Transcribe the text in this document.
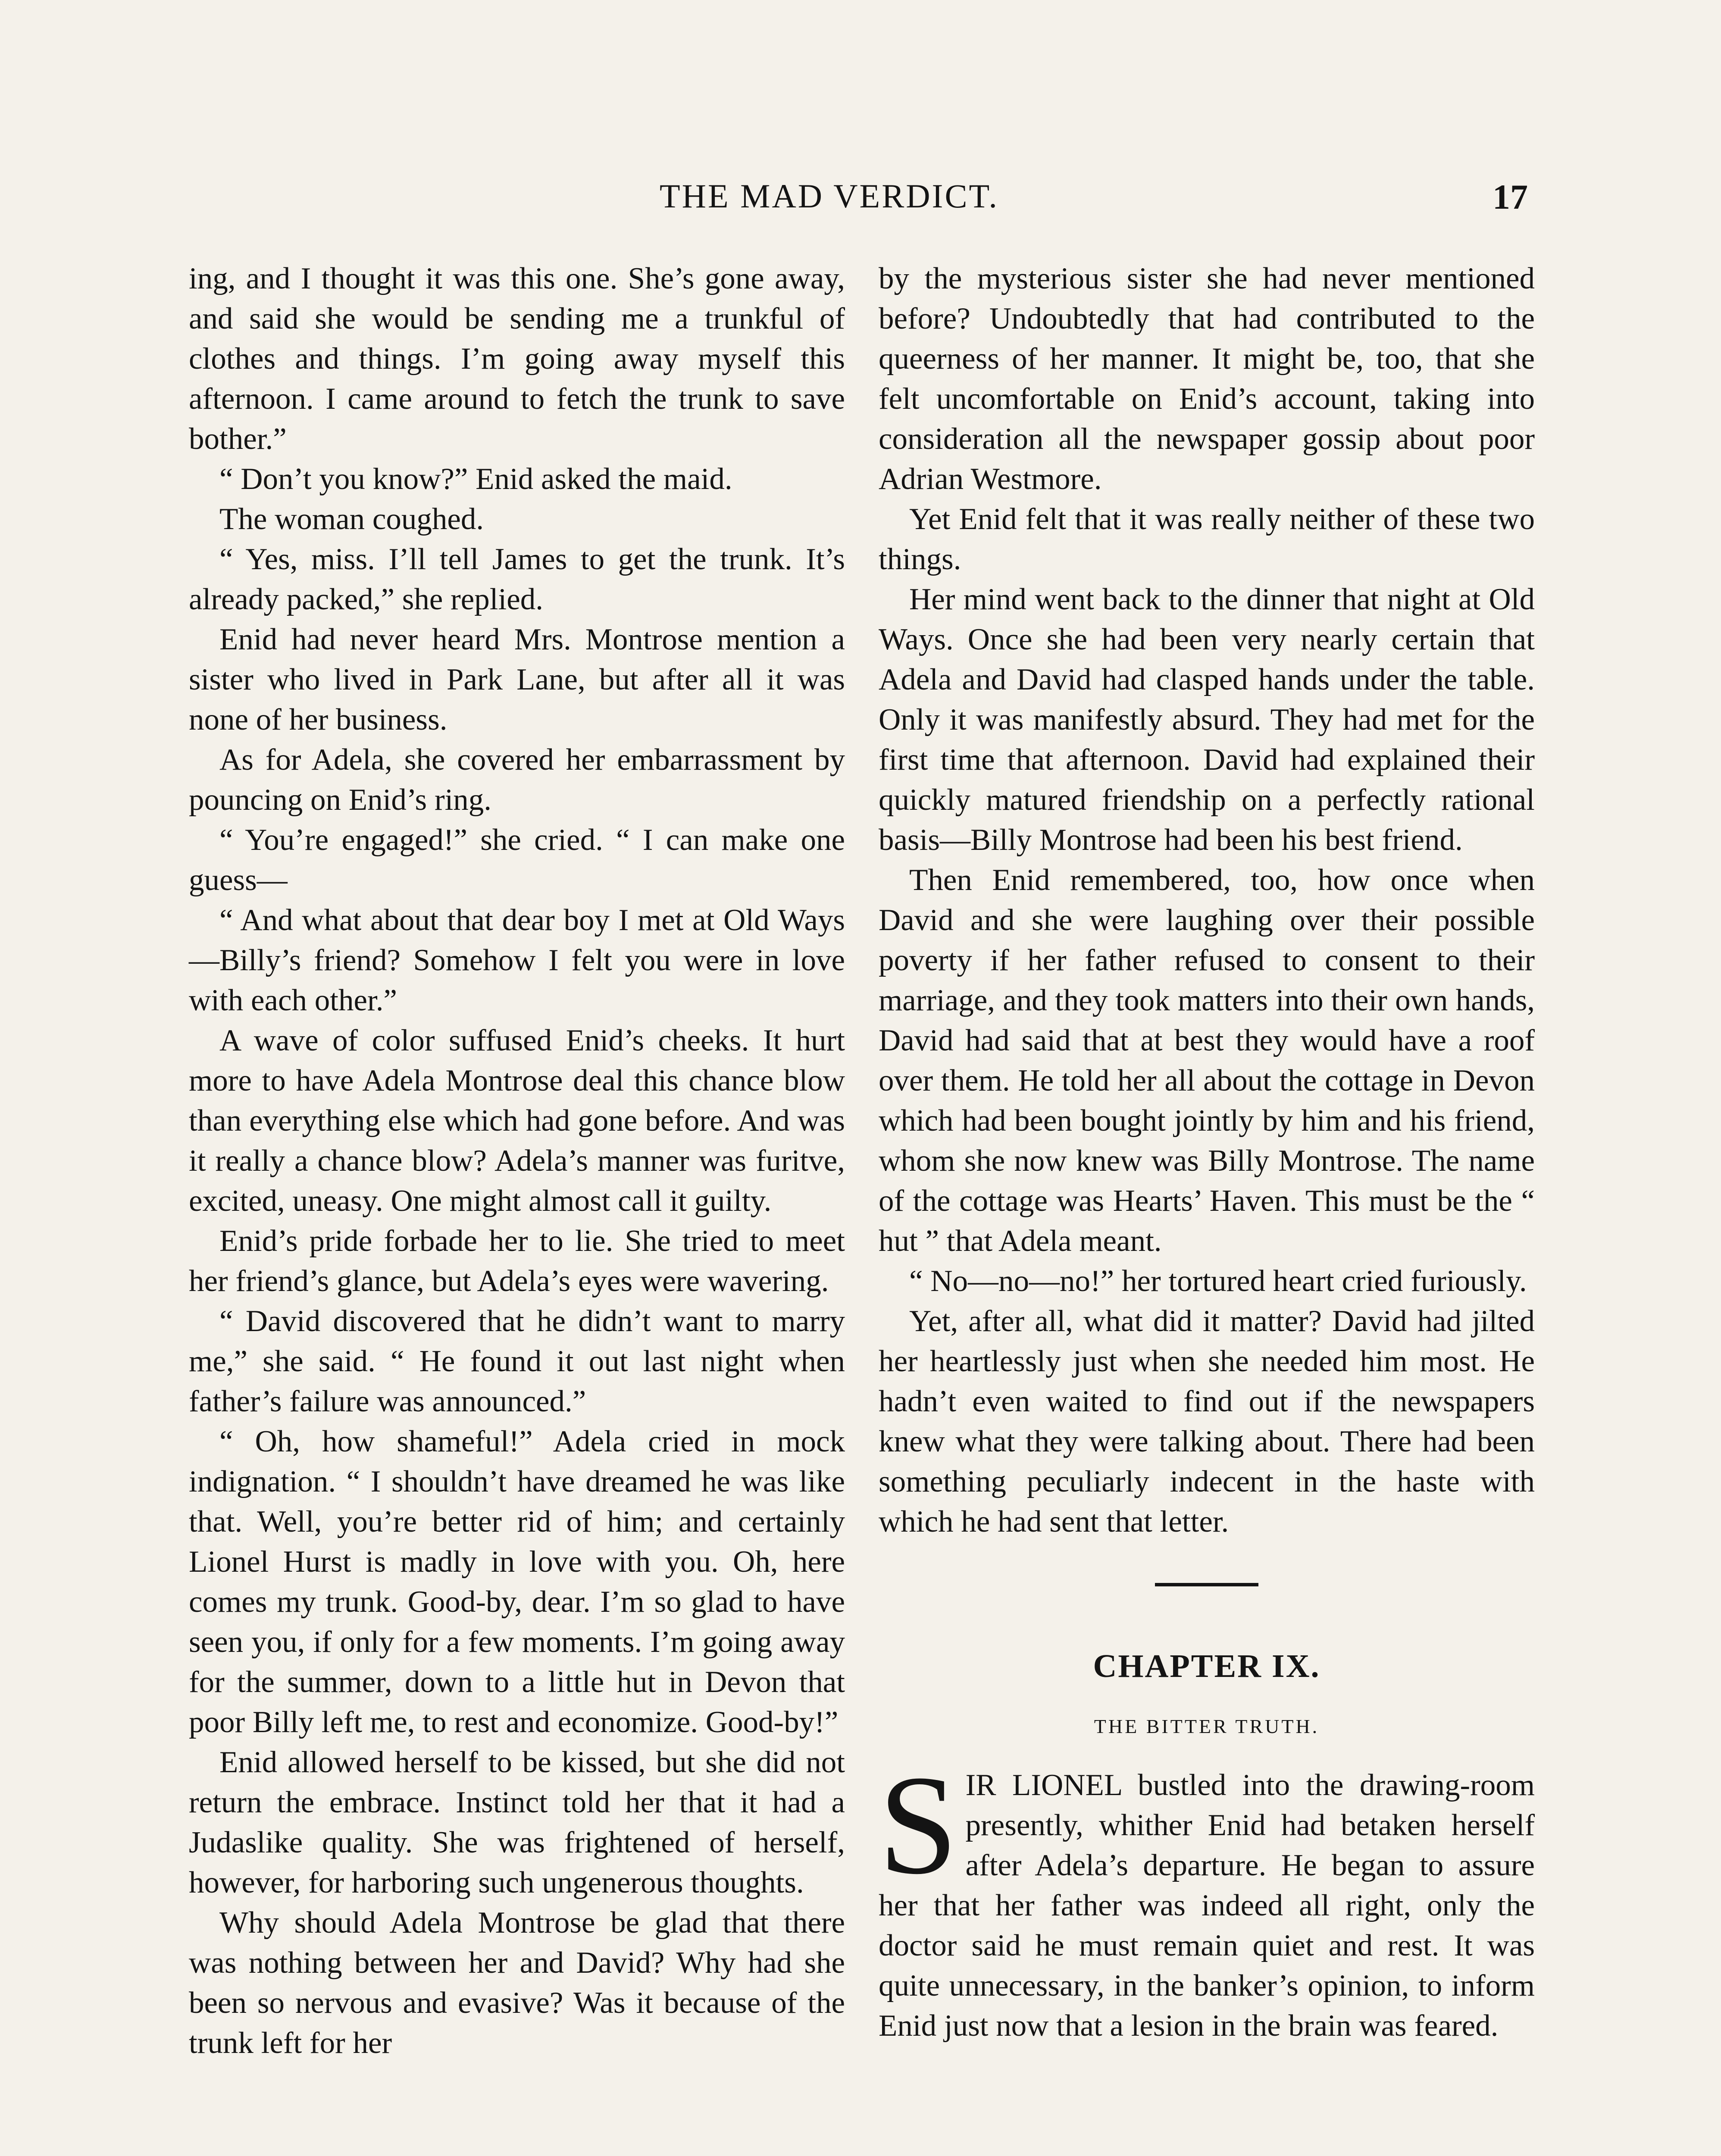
THE MAD VERDICT.	17

ing, and I thought it was this one. She’s gone away, and said she would be sending me a trunkful of clothes and things. I’m going away myself this afternoon. I came around to fetch the trunk to save bother.”

“ Don’t you know?” Enid asked the maid.

The woman coughed.

“ Yes, miss. I’ll tell James to get the trunk. It’s already packed,” she replied.

Enid had never heard Mrs. Montrose mention a sister who lived in Park Lane, but after all it was none of her business.

As for Adela, she covered her embarrassment by pouncing on Enid’s ring.

“ You’re engaged!” she cried. “ I can make one guess—

“ And what about that dear boy I met at Old Ways—Billy’s friend? Somehow I felt you were in love with each other.”

A wave of color suffused Enid’s cheeks. It hurt more to have Adela Montrose deal this chance blow than everything else which had gone before. And was it really a chance blow? Adela’s manner was furitve, excited, uneasy. One might almost call it guilty.

Enid’s pride forbade her to lie. She tried to meet her friend’s glance, but Adela’s eyes were wavering.

“ David discovered that he didn’t want to marry me,” she said. “ He found it out last night when father’s failure was announced.”

“ Oh, how shameful!” Adela cried in mock indignation. “ I shouldn’t have dreamed he was like that. Well, you’re better rid of him; and certainly Lionel Hurst is madly in love with you. Oh, here comes my trunk. Good-by, dear. I’m so glad to have seen you, if only for a few moments. I’m going away for the summer, down to a little hut in Devon that poor Billy left me, to rest and economize. Good-by!”

Enid allowed herself to be kissed, but she did not return the embrace. Instinct told her that it had a Judaslike quality. She was frightened of herself, however, for harboring such ungenerous thoughts.

Why should Adela Montrose be glad that there was nothing between her and David? Why had she been so nervous and evasive? Was it because of the trunk left for her

by the mysterious sister she had never mentioned before? Undoubtedly that had contributed to the queerness of her manner. It might be, too, that she felt uncomfortable on Enid’s account, taking into consideration all the newspaper gossip about poor Adrian Westmore.

Yet Enid felt that it was really neither of these two things.

Her mind went back to the dinner that night at Old Ways. Once she had been very nearly certain that Adela and David had clasped hands under the table. Only it was manifestly absurd. They had met for the first time that afternoon. David had explained their quickly matured friendship on a perfectly rational basis—Billy Montrose had been his best friend.

Then Enid remembered, too, how once when David and she were laughing over their possible poverty if her father refused to consent to their marriage, and they took matters into their own hands, David had said that at best they would have a roof over them. He told her all about the cottage in Devon which had been bought jointly by him and his friend, whom she now knew was Billy Montrose. The name of the cottage was Hearts’ Haven. This must be the “ hut ” that Adela meant.

“ No—no—no!” her tortured heart cried furiously.

Yet, after all, what did it matter? David had jilted her heartlessly just when she needed him most. He hadn’t even waited to find out if the newspapers knew what they were talking about. There had been something peculiarly indecent in the haste with which he had sent that letter.

CHAPTER IX.
THE BITTER TRUTH.

SIR LIONEL bustled into the drawing-room presently, whither Enid had betaken herself after Adela’s departure. He began to assure her that her father was indeed all right, only the doctor said he must remain quiet and rest. It was quite unnecessary, in the banker’s opinion, to inform Enid just now that a lesion in the brain was feared.
